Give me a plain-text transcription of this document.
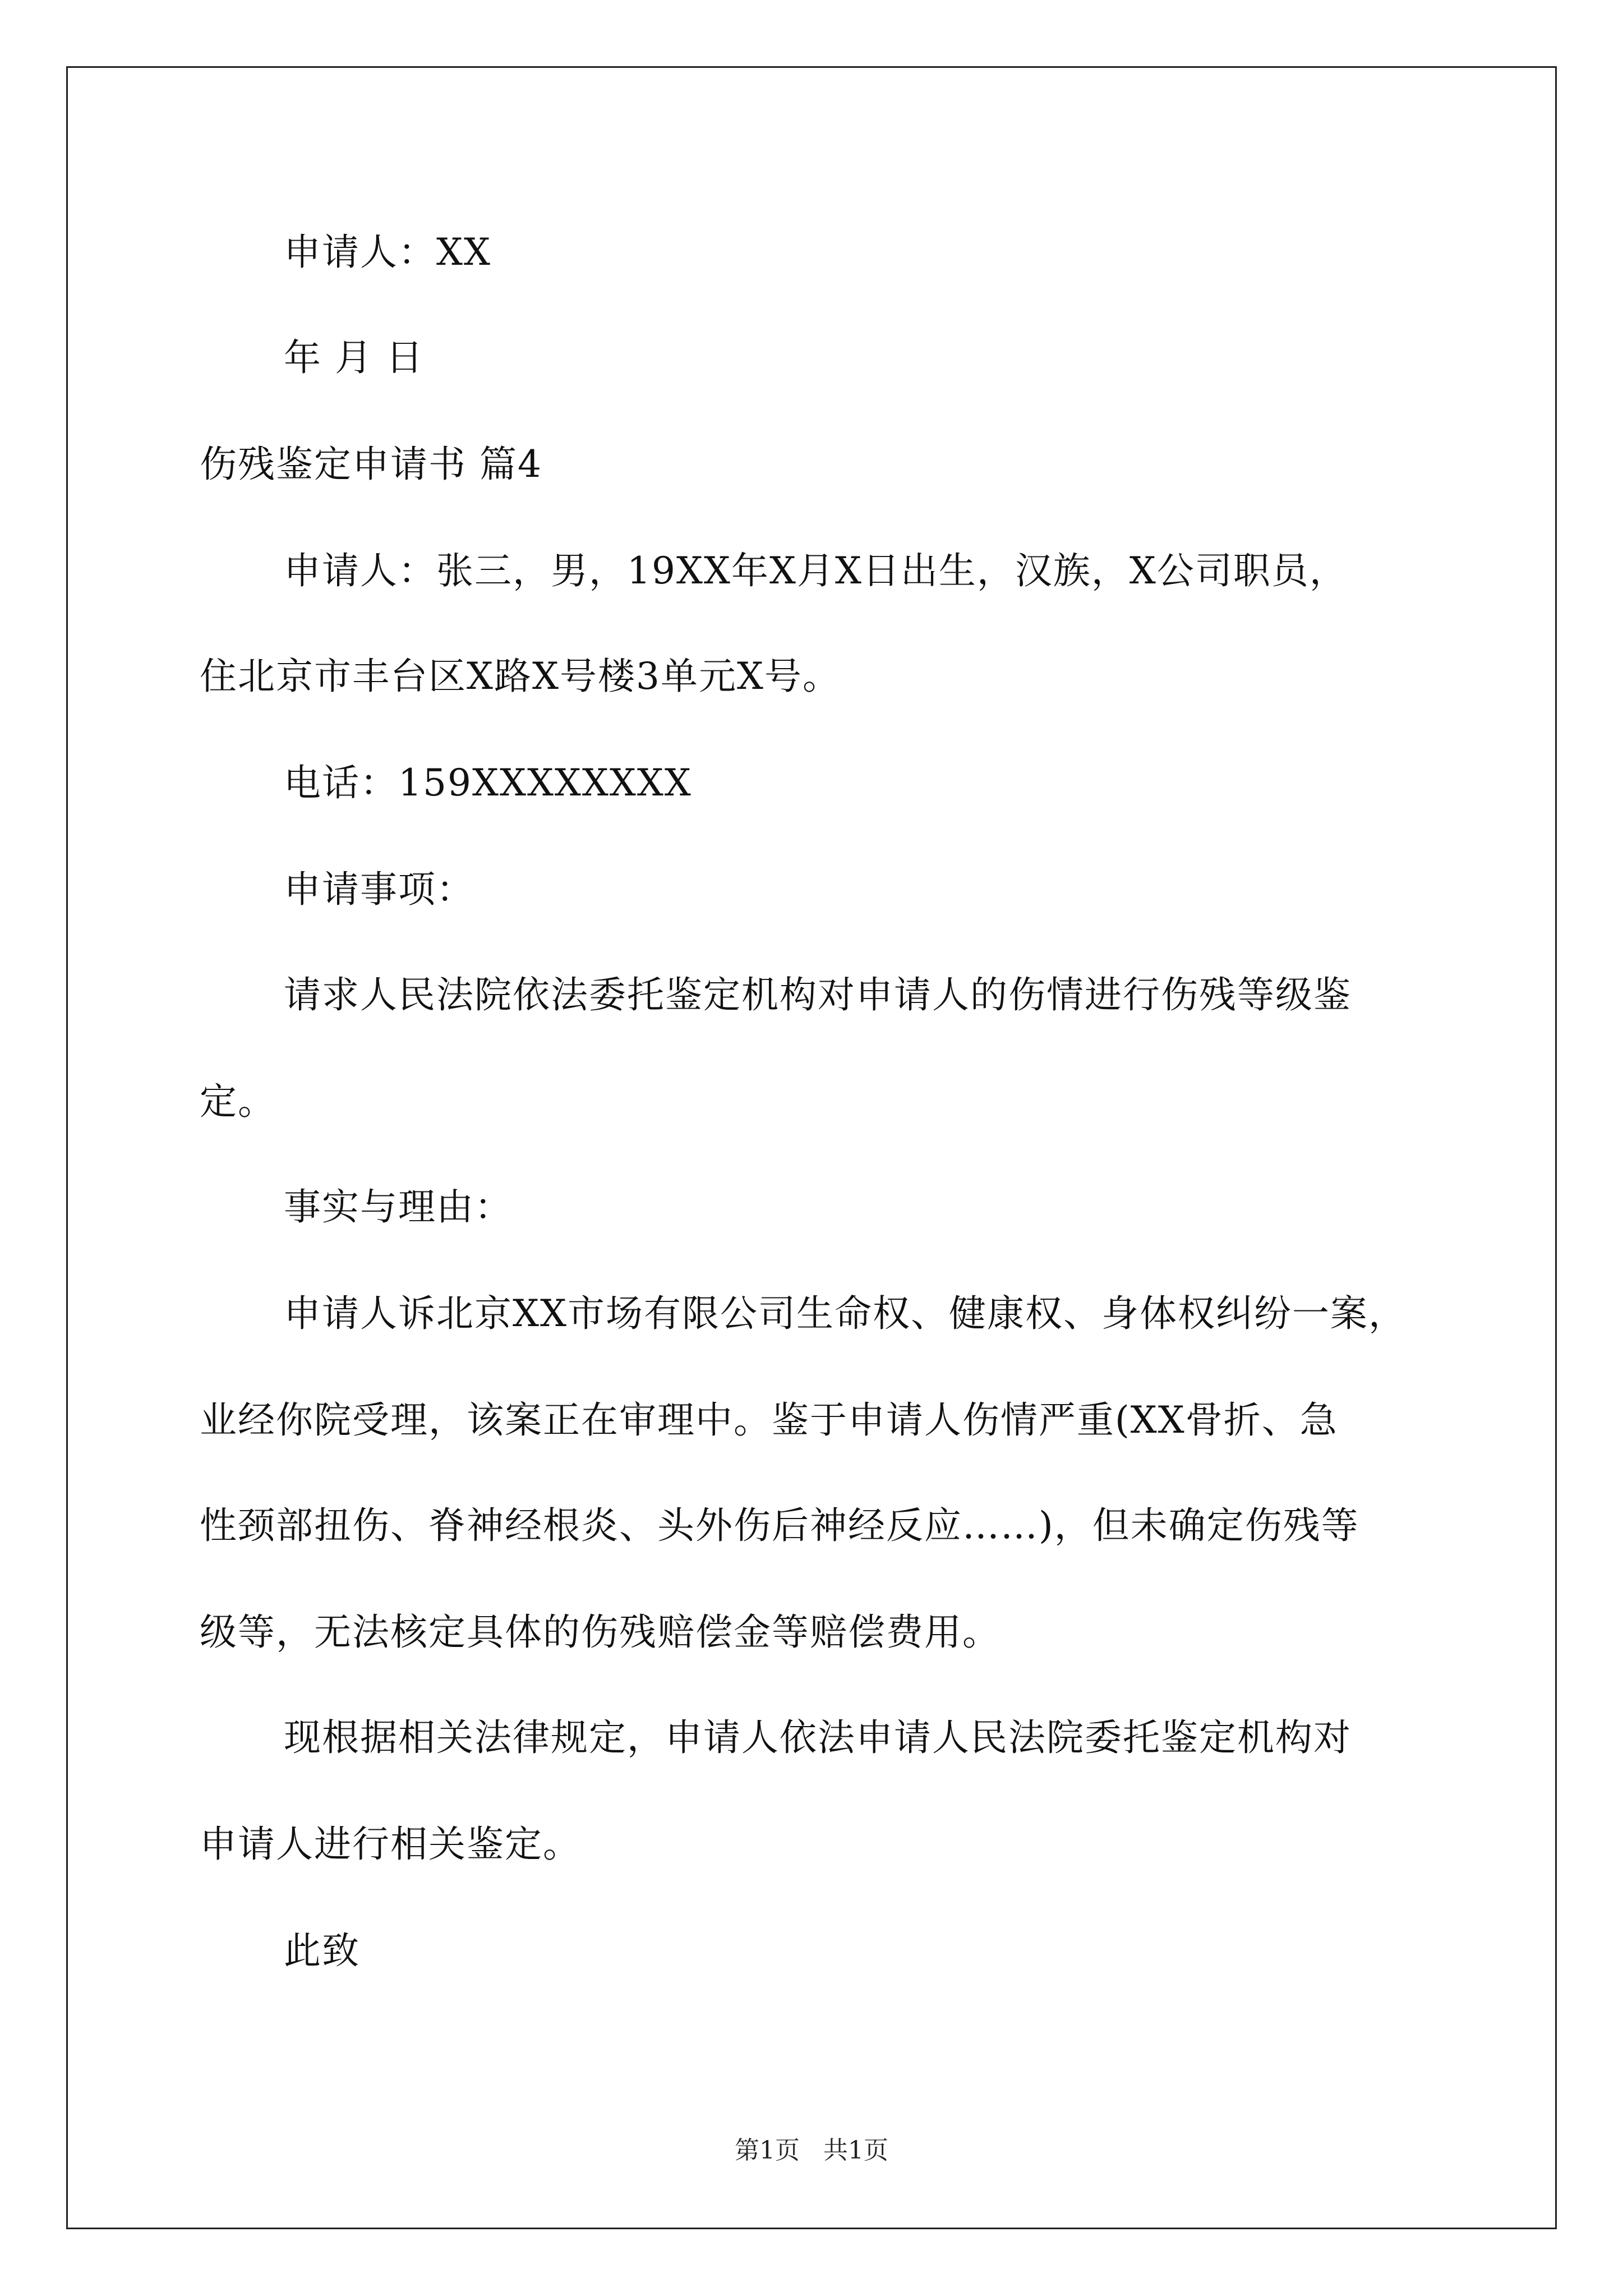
申请人：XX
年 月 日
伤残鉴定申请书 篇4
申请人：张三，男，19XX年X月X日出生，汉族，X公司职员，
住北京市丰台区X路X号楼3单元X号。
电话：159XXXXXXXX
申请事项：
请求人民法院依法委托鉴定机构对申请人的伤情进行伤残等级鉴
定。
事实与理由：
申请人诉北京XX市场有限公司生命权、健康权、身体权纠纷一案，
业经你院受理，该案正在审理中。鉴于申请人伤情严重(XX骨折、急
性颈部扭伤、脊神经根炎、头外伤后神经反应……)，但未确定伤残等
级等，无法核定具体的伤残赔偿金等赔偿费用。
现根据相关法律规定，申请人依法申请人民法院委托鉴定机构对
申请人进行相关鉴定。
此致
第1页 共1页
